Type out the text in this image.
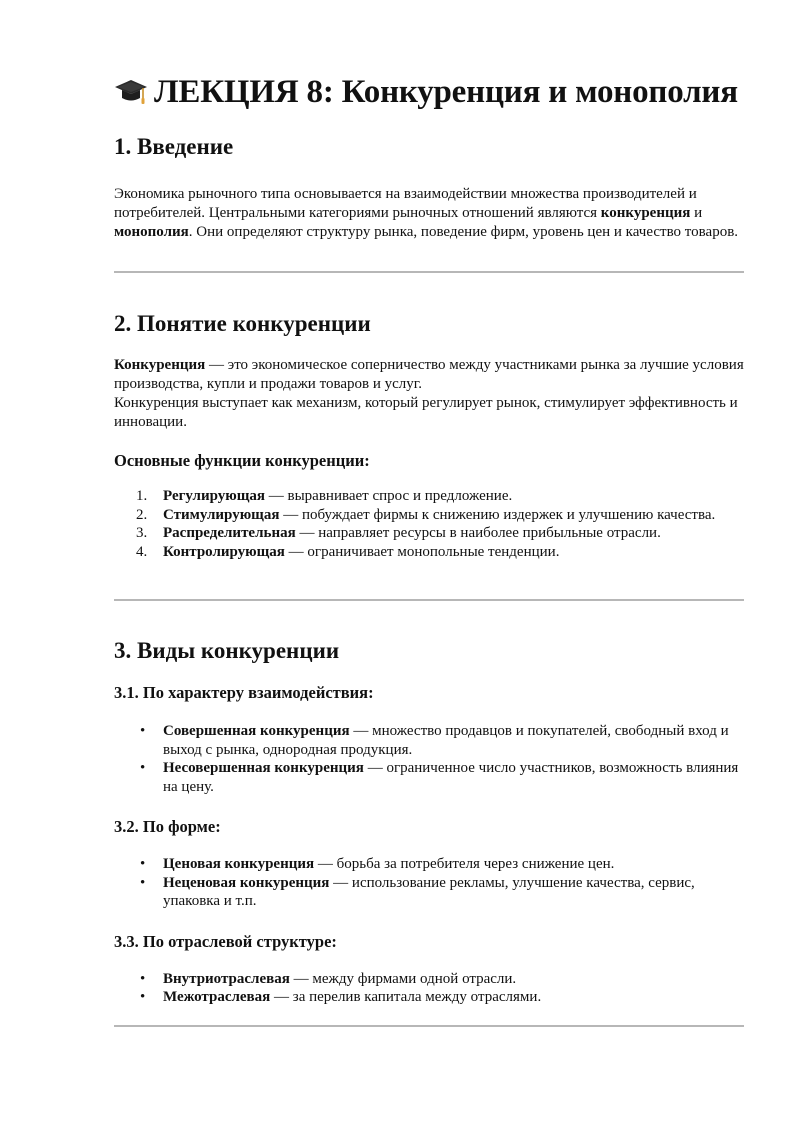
ЛЕКЦИЯ 8: Конкуренция и монополия
1. Введение

Экономика рыночного типа основывается на взаимодействии множества производителей и потребителей. Центральными категориями рыночных отношений являются конкуренция и монополия. Они определяют структуру рынка, поведение фирм, уровень цен и качество товаров.

2. Понятие конкуренции

Конкуренция — это экономическое соперничество между участниками рынка за лучшие условия производства, купли и продажи товаров и услуг.
Конкуренция выступает как механизм, который регулирует рынок, стимулирует эффективность и инновации.

Основные функции конкуренции:
1. Регулирующая — выравнивает спрос и предложение.
2. Стимулирующая — побуждает фирмы к снижению издержек и улучшению качества.
3. Распределительная — направляет ресурсы в наиболее прибыльные отрасли.
4. Контролирующая — ограничивает монопольные тенденции.
3. Виды конкуренции
3.1. По характеру взаимодействия:
• Совершенная конкуренция — множество продавцов и покупателей, свободный вход и выход с рынка, однородная продукция.
• Несовершенная конкуренция — ограниченное число участников, возможность влияния на цену.
3.2. По форме:
• Ценовая конкуренция — борьба за потребителя через снижение цен.
• Неценовая конкуренция — использование рекламы, улучшение качества, сервис, упаковка и т.п.
3.3. По отраслевой структуре:
• Внутриотраслевая — между фирмами одной отрасли.
• Межотраслевая — за перелив капитала между отраслями.
